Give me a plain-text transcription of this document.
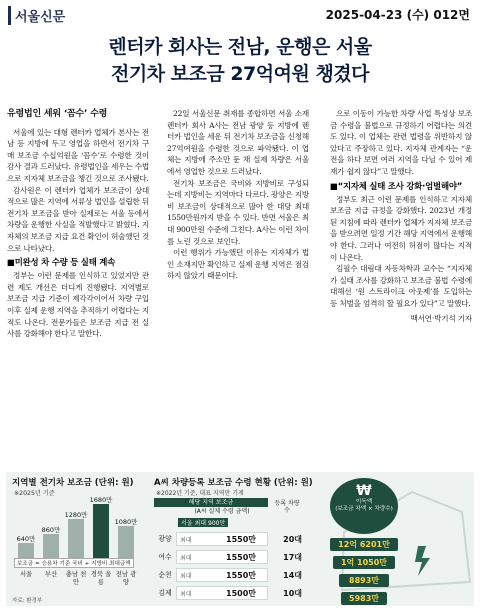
서울신문	2025-04-23 (수) 012면
렌터카 회사는 전남, 운행은 서울
전기차 보조금 27억여원 챙겼다
유령법인 세워 ‘꼼수’ 수령

서울에 있는 대형 렌터카 업체가 본사는 전남 등 지방에 두고 영업을 하면서 전기차 구매 보조금 수십억원을 ‘꼼수’로 수령한 것이 감사 결과 드러났다. 유령법인을 세우는 수법으로 지자체 보조금을 챙긴 것으로 조사됐다.

감사원은 이 렌터카 업체가 보조금이 상대적으로 많은 지역에 서류상 법인을 설립한 뒤 전기차 보조금을 받아 실제로는 서울 등에서 차량을 운행한 사실을 적발했다고 밝혔다. 지자체의 보조금 지급 요건 확인이 허술했던 것으로 나타났다.

■미완성 차 수량 등 실태 계속

정부는 이런 문제를 인식하고 있었지만 관련 제도 개선은 더디게 진행됐다. 지역별로 보조금 지급 기준이 제각각이어서 차량 구입 이후 실제 운행 지역을 추적하기 어렵다는 지적도 나온다. 전문가들은 보조금 지급 전 실사를 강화해야 한다고 말한다.

22일 서울신문 취재를 종합하면 서울 소재 렌터카 회사 A사는 전남 광양 등 지방에 렌터카 법인을 세운 뒤 전기차 보조금을 신청해 27억여원을 수령한 것으로 파악됐다. 이 업체는 지방에 주소만 둔 채 실제 차량은 서울에서 영업한 것으로 드러났다.

전기차 보조금은 국비와 지방비로 구성되는데 지방비는 지역마다 다르다. 광양은 지방비 보조금이 상대적으로 많아 한 대당 최대 1550만원까지 받을 수 있다. 반면 서울은 최대 900만원 수준에 그친다. A사는 이런 차이를 노린 것으로 보인다.

이런 행위가 가능했던 이유는 지자체가 법인 소재지만 확인하고 실제 운행 지역은 점검하지 않았기 때문이다.

으로 이동이 가능한 차량 사업 특성상 보조금 수령을 불법으로 규정하기 어렵다는 의견도 있다. 이 업체는 관련 법령을 위반하지 않았다고 주장하고 있다. 지자체 관계자는 “운전을 하다 보면 여러 지역을 다닐 수 있어 제재가 쉽지 않다”고 말했다.

■“지자체 실태 조사 강화·엄벌해야”

정부도 최근 이런 문제를 인식하고 지자체 보조금 지급 규정을 강화했다. 2023년 개정된 지침에 따라 렌터카 업체가 지자체 보조금을 받으려면 일정 기간 해당 지역에서 운행해야 한다. 그러나 여전히 허점이 많다는 지적이 나온다.

김필수 대림대 자동차학과 교수는 “지자체가 실태 조사를 강화하고 보조금 불법 수령에 대해선 ‘원 스트라이크 아웃제’를 도입하는 등 처벌을 엄격히 할 필요가 있다”고 말했다.

백서연·박기석 기자
지역별 전기차 보조금 (단위: 원)
※2025년 기준
640만
서울
860만
부산
1280만
충남 천안
1680만
경북 울릉
1080만
전남 광양
보조금 = 승용차 기준 국비 + 지방비 최대금액
자료: 환경부
A씨 차량등록 보조금 수령 현황 (단위: 원)
※2022년 기준, 대표 지역만 기재
해당 지역 보조금
(A씨 실제 수령 금액)
등록 차량수
서울 최대 900만
광양	최대	1550만	20대
여수	최대	1550만	17대
순천	최대	1550만	14대
김제	최대	1500만	10대
₩
이득액
(보조금 차액 × 차량수)
12억 6201만
1억 1050만
8893만
5983만
